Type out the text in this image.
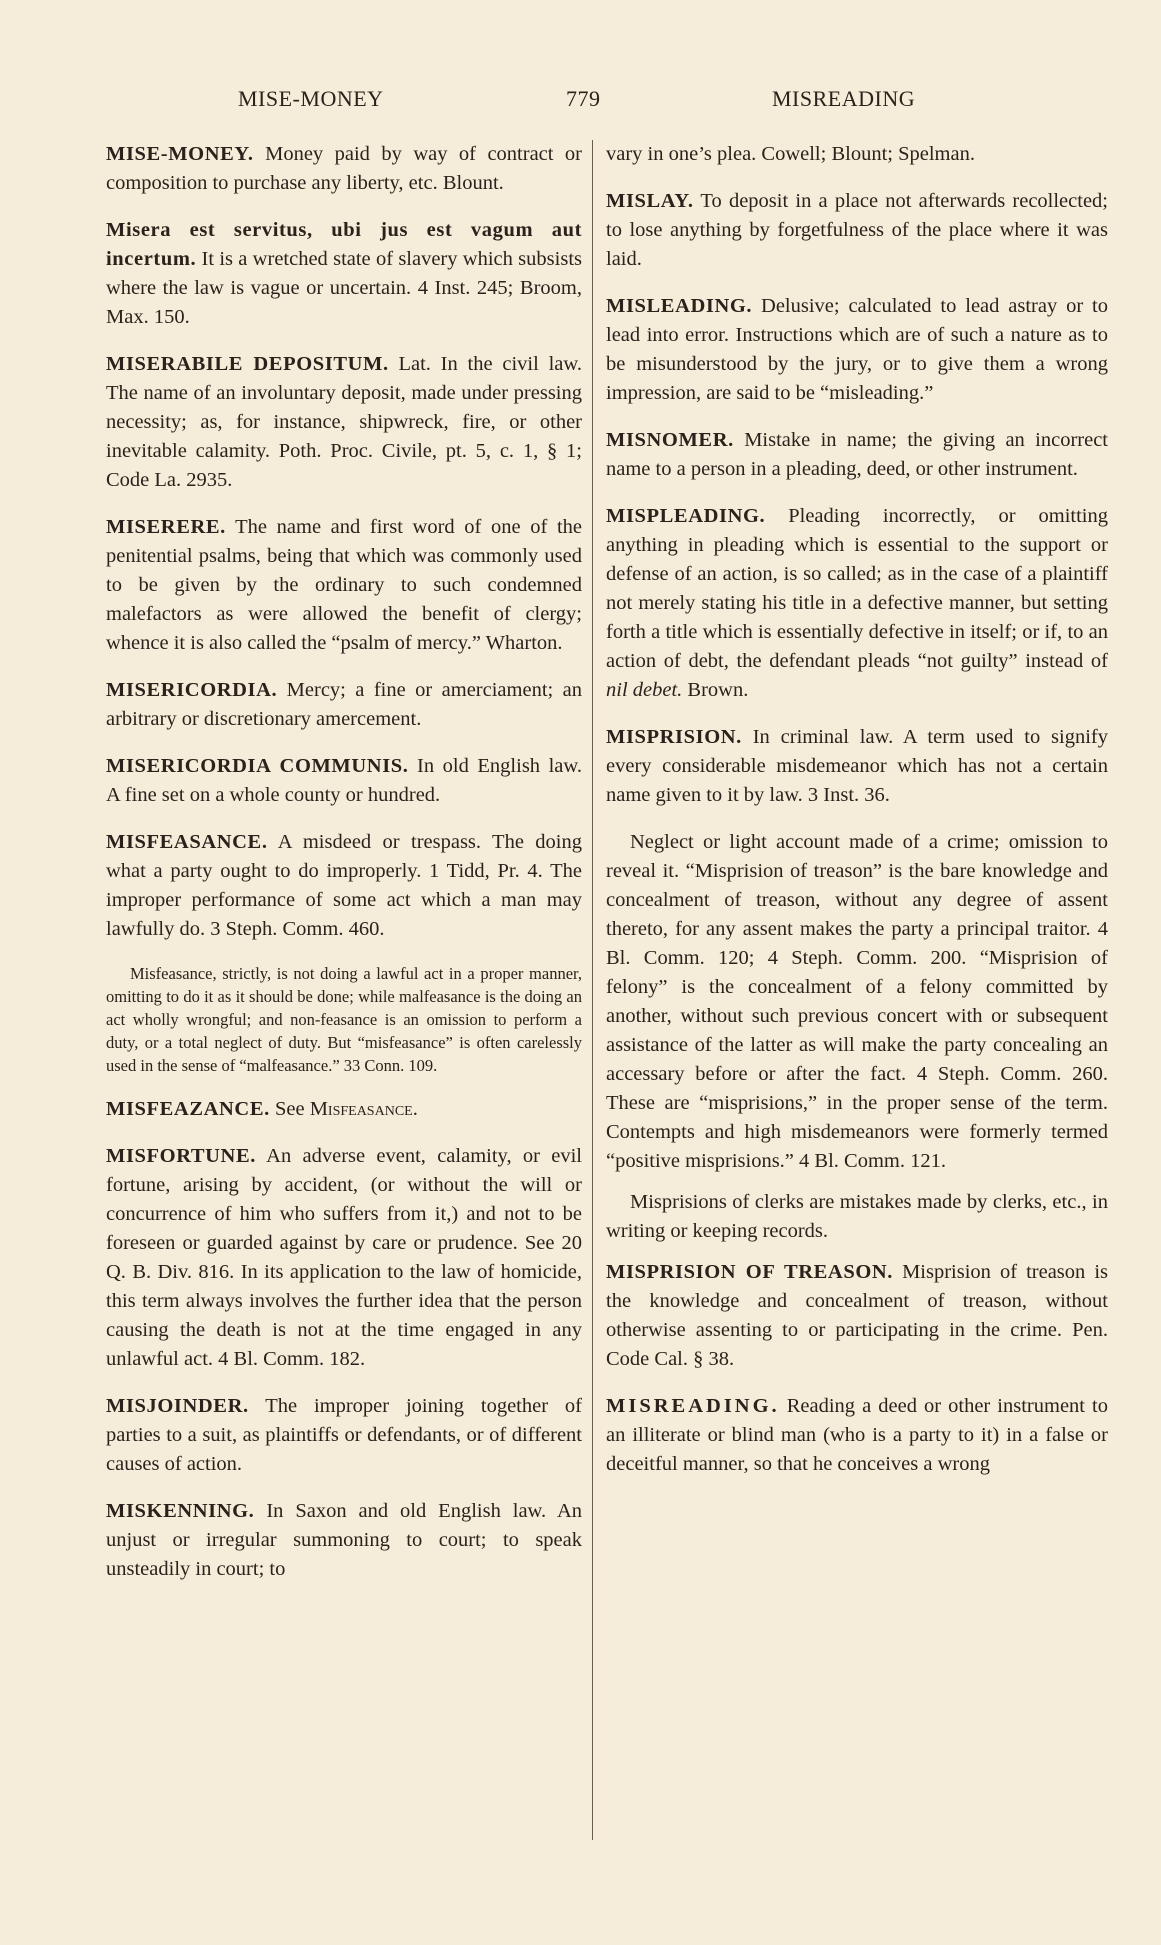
MISE-MONEY	779	MISREADING

MISE-MONEY. Money paid by way of contract or composition to purchase any liberty, etc. Blount.

Misera est servitus, ubi jus est vagum aut incertum. It is a wretched state of slavery which subsists where the law is vague or uncertain. 4 Inst. 245; Broom, Max. 150.

MISERABILE DEPOSITUM. Lat. In the civil law. The name of an involuntary deposit, made under pressing necessity; as, for instance, shipwreck, fire, or other inevitable calamity. Poth. Proc. Civile, pt. 5, c. 1, § 1; Code La. 2935.

MISERERE. The name and first word of one of the penitential psalms, being that which was commonly used to be given by the ordinary to such condemned malefactors as were allowed the benefit of clergy; whence it is also called the “psalm of mercy.” Wharton.

MISERICORDIA. Mercy; a fine or amerciament; an arbitrary or discretionary amercement.

MISERICORDIA COMMUNIS. In old English law. A fine set on a whole county or hundred.

MISFEASANCE. A misdeed or trespass. The doing what a party ought to do improperly. 1 Tidd, Pr. 4. The improper performance of some act which a man may lawfully do. 3 Steph. Comm. 460.

Misfeasance, strictly, is not doing a lawful act in a proper manner, omitting to do it as it should be done; while malfeasance is the doing an act wholly wrongful; and non-feasance is an omission to perform a duty, or a total neglect of duty. But “misfeasance” is often carelessly used in the sense of “malfeasance.” 33 Conn. 109.

MISFEAZANCE. See Misfeasance.

MISFORTUNE. An adverse event, calamity, or evil fortune, arising by accident, (or without the will or concurrence of him who suffers from it,) and not to be foreseen or guarded against by care or prudence. See 20 Q. B. Div. 816. In its application to the law of homicide, this term always involves the further idea that the person causing the death is not at the time engaged in any unlawful act. 4 Bl. Comm. 182.

MISJOINDER. The improper joining together of parties to a suit, as plaintiffs or defendants, or of different causes of action.

MISKENNING. In Saxon and old English law. An unjust or irregular summoning to court; to speak unsteadily in court; to

vary in one’s plea. Cowell; Blount; Spelman.

MISLAY. To deposit in a place not afterwards recollected; to lose anything by forgetfulness of the place where it was laid.

MISLEADING. Delusive; calculated to lead astray or to lead into error. Instructions which are of such a nature as to be misunderstood by the jury, or to give them a wrong impression, are said to be “misleading.”

MISNOMER. Mistake in name; the giving an incorrect name to a person in a pleading, deed, or other instrument.

MISPLEADING. Pleading incorrectly, or omitting anything in pleading which is essential to the support or defense of an action, is so called; as in the case of a plaintiff not merely stating his title in a defective manner, but setting forth a title which is essentially defective in itself; or if, to an action of debt, the defendant pleads “not guilty” instead of nil debet. Brown.

MISPRISION. In criminal law. A term used to signify every considerable misdemeanor which has not a certain name given to it by law. 3 Inst. 36.

Neglect or light account made of a crime; omission to reveal it. “Misprision of treason” is the bare knowledge and concealment of treason, without any degree of assent thereto, for any assent makes the party a principal traitor. 4 Bl. Comm. 120; 4 Steph. Comm. 200. “Misprision of felony” is the concealment of a felony committed by another, without such previous concert with or subsequent assistance of the latter as will make the party concealing an accessary before or after the fact. 4 Steph. Comm. 260. These are “misprisions,” in the proper sense of the term. Contempts and high misdemeanors were formerly termed “positive misprisions.” 4 Bl. Comm. 121.

Misprisions of clerks are mistakes made by clerks, etc., in writing or keeping records.

MISPRISION OF TREASON. Misprision of treason is the knowledge and concealment of treason, without otherwise assenting to or participating in the crime. Pen. Code Cal. § 38.

MISREADING. Reading a deed or other instrument to an illiterate or blind man (who is a party to it) in a false or deceitful manner, so that he conceives a wrong
